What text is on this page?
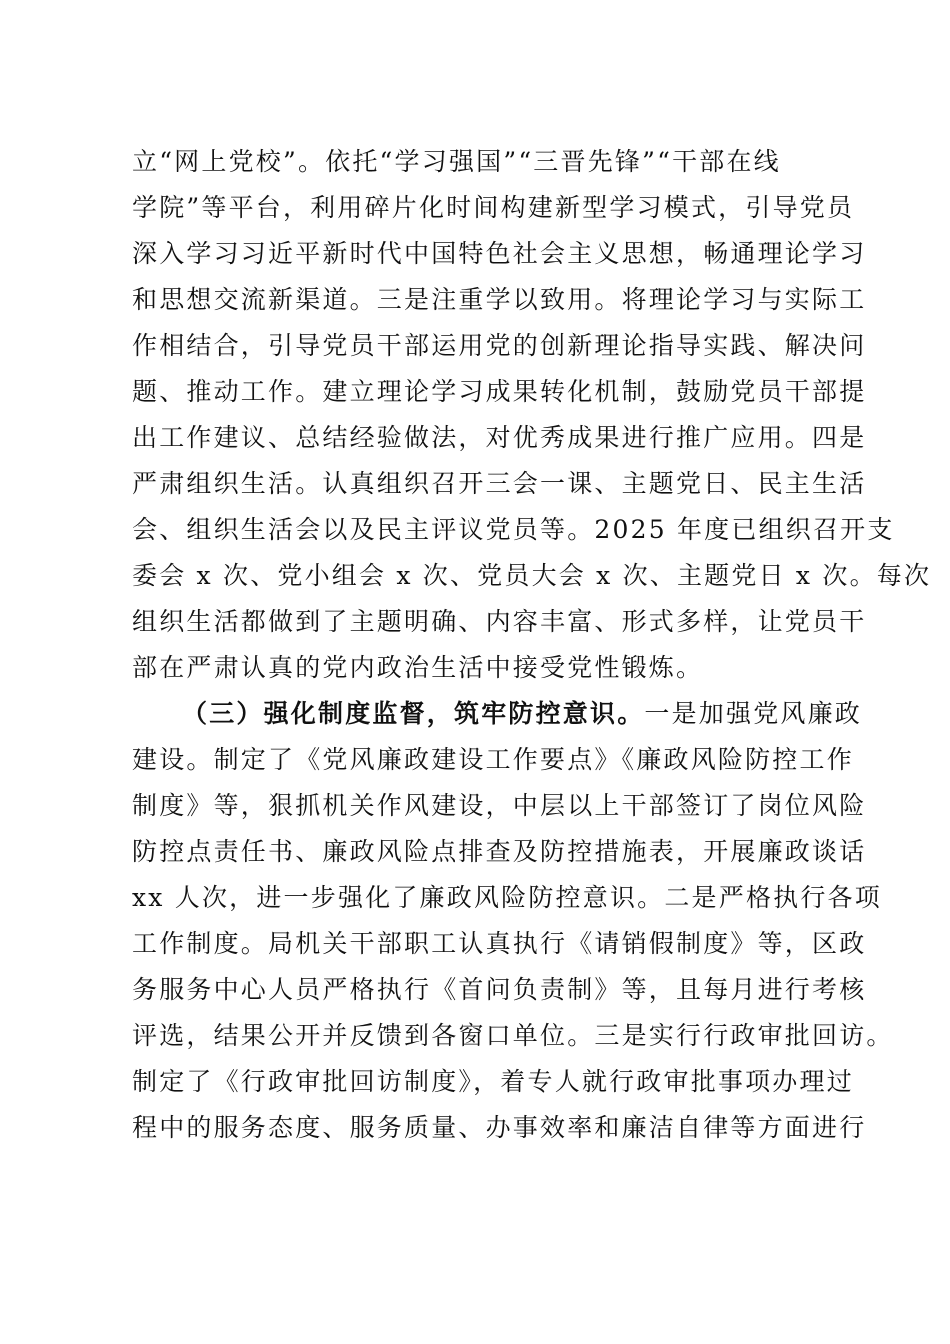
立“网上党校”。依托“学习强国”“三晋先锋”“干部在线
学院”等平台，利用碎片化时间构建新型学习模式，引导党员
深入学习习近平新时代中国特色社会主义思想，畅通理论学习
和思想交流新渠道。三是注重学以致用。将理论学习与实际工
作相结合，引导党员干部运用党的创新理论指导实践、解决问
题、推动工作。建立理论学习成果转化机制，鼓励党员干部提
出工作建议、总结经验做法，对优秀成果进行推广应用。四是
严肃组织生活。认真组织召开三会一课、主题党日、民主生活
会、组织生活会以及民主评议党员等。2025 年度已组织召开支
委会 x 次、党小组会 x 次、党员大会 x 次、主题党日 x 次。每次
组织生活都做到了主题明确、内容丰富、形式多样，让党员干
部在严肃认真的党内政治生活中接受党性锻炼。
（三）强化制度监督，筑牢防控意识。一是加强党风廉政
建设。制定了《党风廉政建设工作要点》《廉政风险防控工作
制度》等，狠抓机关作风建设，中层以上干部签订了岗位风险
防控点责任书、廉政风险点排查及防控措施表，开展廉政谈话
xx 人次，进一步强化了廉政风险防控意识。二是严格执行各项
工作制度。局机关干部职工认真执行《请销假制度》等，区政
务服务中心人员严格执行《首问负责制》等，且每月进行考核
评选，结果公开并反馈到各窗口单位。三是实行行政审批回访。
制定了《行政审批回访制度》，着专人就行政审批事项办理过
程中的服务态度、服务质量、办事效率和廉洁自律等方面进行
